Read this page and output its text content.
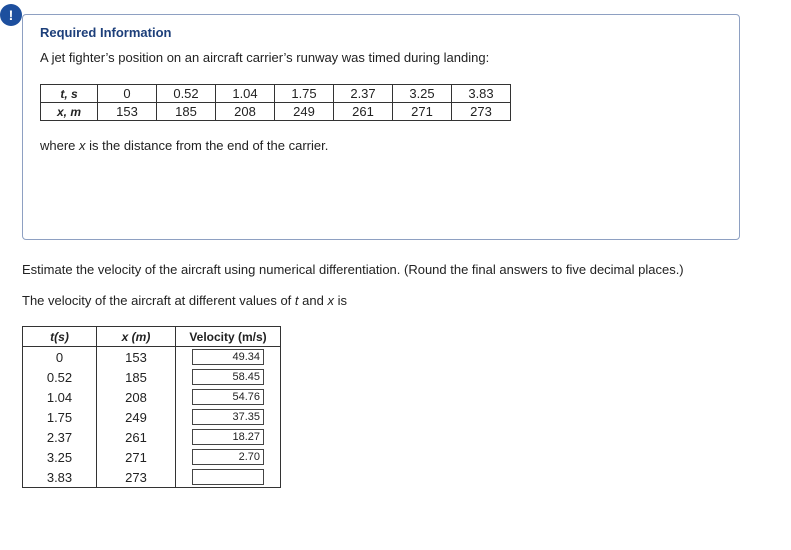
!
Required Information
A jet fighter’s position on an aircraft carrier’s runway was timed during landing:
t, s	0	0.52	1.04	1.75	2.37	3.25	3.83
x, m	153	185	208	249	261	271	273
where x is the distance from the end of the carrier.
Estimate the velocity of the aircraft using numerical differentiation. (Round the final answers to five decimal places.)
The velocity of the aircraft at different values of t and x is
t(s)	x (m)	Velocity (m/s)
0	153	49.34
0.52	185	58.45
1.04	208	54.76
1.75	249	37.35
2.37	261	18.27
3.25	271	2.70
3.83	273	
